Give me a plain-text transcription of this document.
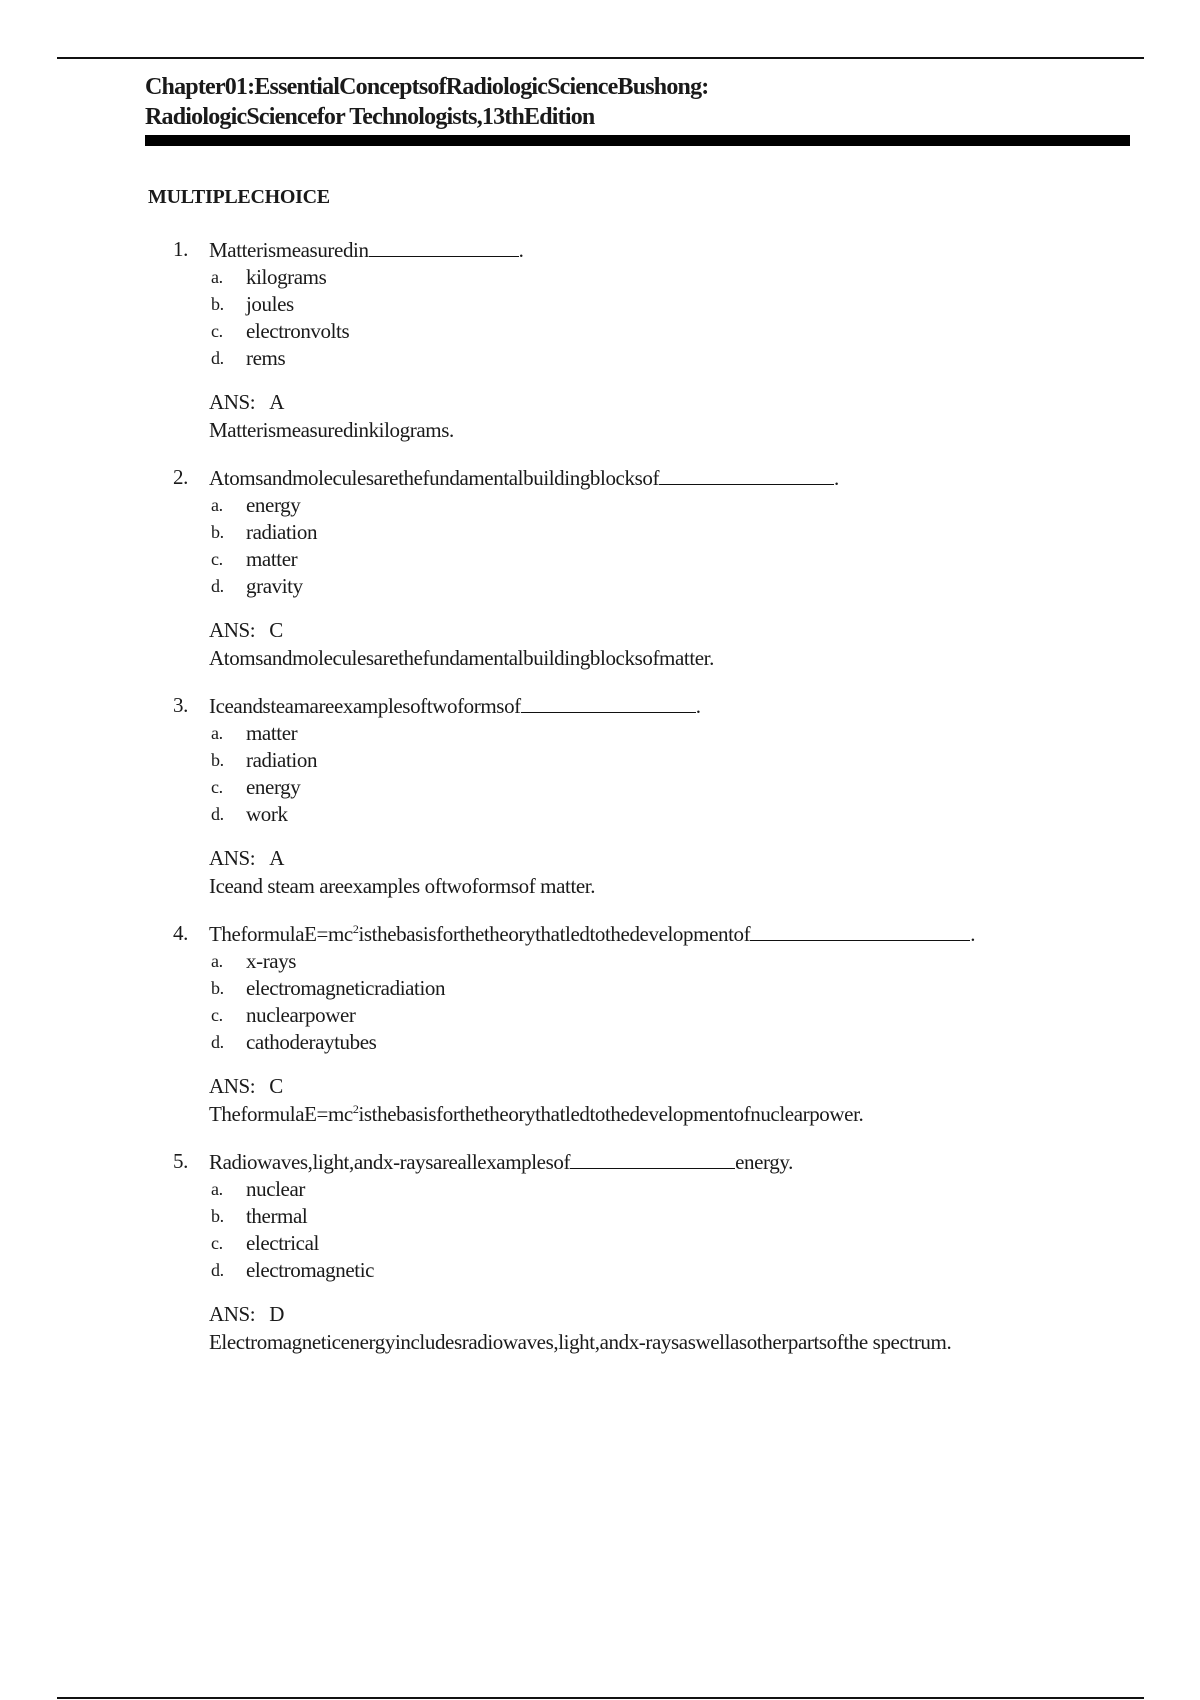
Chapter01:EssentialConceptsofRadiologicScienceBushong:
RadiologicSciencefor Technologists,13thEdition
MULTIPLECHOICE
1. Matterismeasuredin	.
a. kilograms
b. joules
c. electronvolts
d. rems
ANS: A
Matterismeasuredinkilograms.
2. Atomsandmoleculesarethefundamentalbuildingblocksof	.
a. energy
b. radiation
c. matter
d. gravity
ANS: C
Atomsandmoleculesarethefundamentalbuildingblocksofmatter.
3. Iceandsteamareexamplesoftwoformsof	.
a. matter
b. radiation
c. energy
d. work
ANS: A
Iceand steam areexamples oftwoformsof matter.
4. $TheformulaE=mc^2isthebasisforthetheorythatledtothedevelopmentof$	.
a. x-rays
b. electromagneticradiation
c. nuclearpower
d. cathoderaytubes
ANS: C
$TheformulaE=mc^2isthebasisforthetheorythatledtothedevelopmentofnuclearpower$.
5. Radiowaves,light,andx-raysareallexamplesof	energy.
a. nuclear
b. thermal
c. electrical
d. electromagnetic
ANS: D
Electromagneticenergyincludesradiowaves,light,andx-raysaswellasotherpartsofthe spectrum.
